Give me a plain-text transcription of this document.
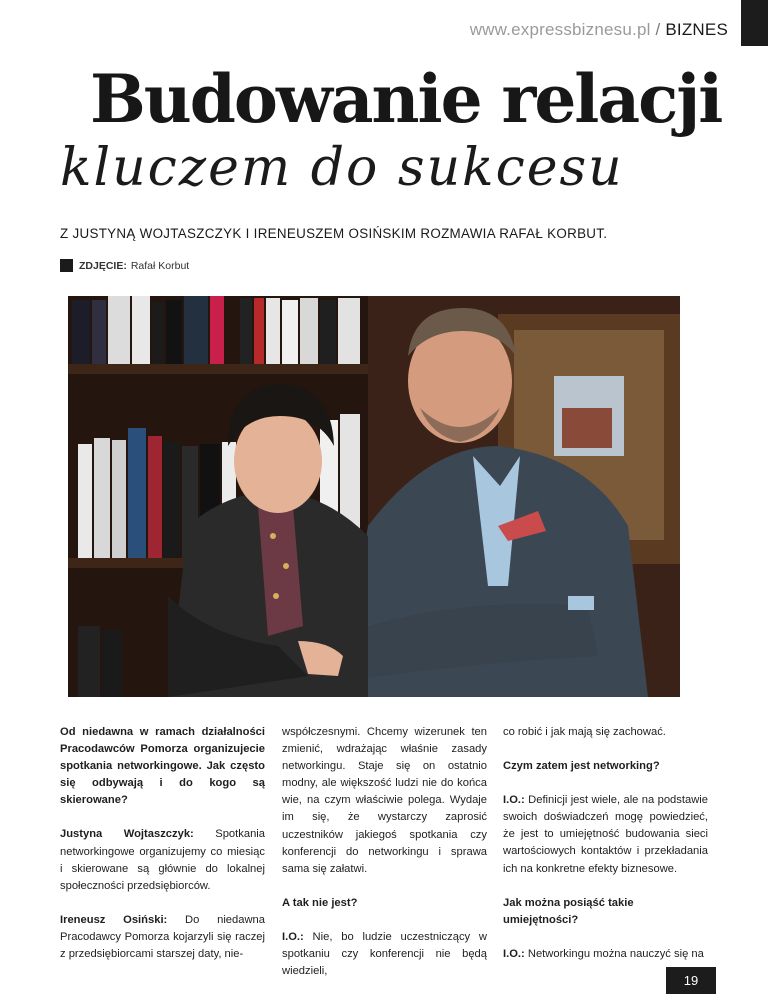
www.expressbiznesu.pl / BIZNES
Budowanie relacji
kluczem do sukcesu
Z JUSTYNĄ WOJTASZCZYK I IRENEUSZEM OSIŃSKIM ROZMAWIA RAFAŁ KORBUT.
ZDJĘCIE: Rafał Korbut

Od niedawna w ramach działalności Pracodawców Pomorza organizujecie spotkania networkingowe. Jak często się odbywają i do kogo są skierowane?

Justyna Wojtaszczyk: Spotkania networkingowe organizujemy co miesiąc i skierowane są głównie do lokalnej społeczności przedsiębiorców.

Ireneusz Osiński: Do niedawna Pracodawcy Pomorza kojarzyli się raczej z przedsiębiorcami starszej daty, nie-

współczesnymi. Chcemy wizerunek ten zmienić, wdrażając właśnie zasady networkingu. Staje się on ostatnio modny, ale większość ludzi nie do końca wie, na czym właściwie polega. Wydaje im się, że wystarczy zaprosić uczestników jakiegoś spotkania czy konferencji do networkingu i sprawa sama się załatwi.

A tak nie jest?

I.O.: Nie, bo ludzie uczestniczący w spotkaniu czy konferencji nie będą wiedzieli,

co robić i jak mają się zachować.

Czym zatem jest networking?

I.O.: Definicji jest wiele, ale na podstawie swoich doświadczeń mogę powiedzieć, że jest to umiejętność budowania sieci wartościowych kontaktów i przekładania ich na konkretne efekty biznesowe.

Jak można posiąść takie umiejętności?

I.O.: Networkingu można nauczyć się na

19
